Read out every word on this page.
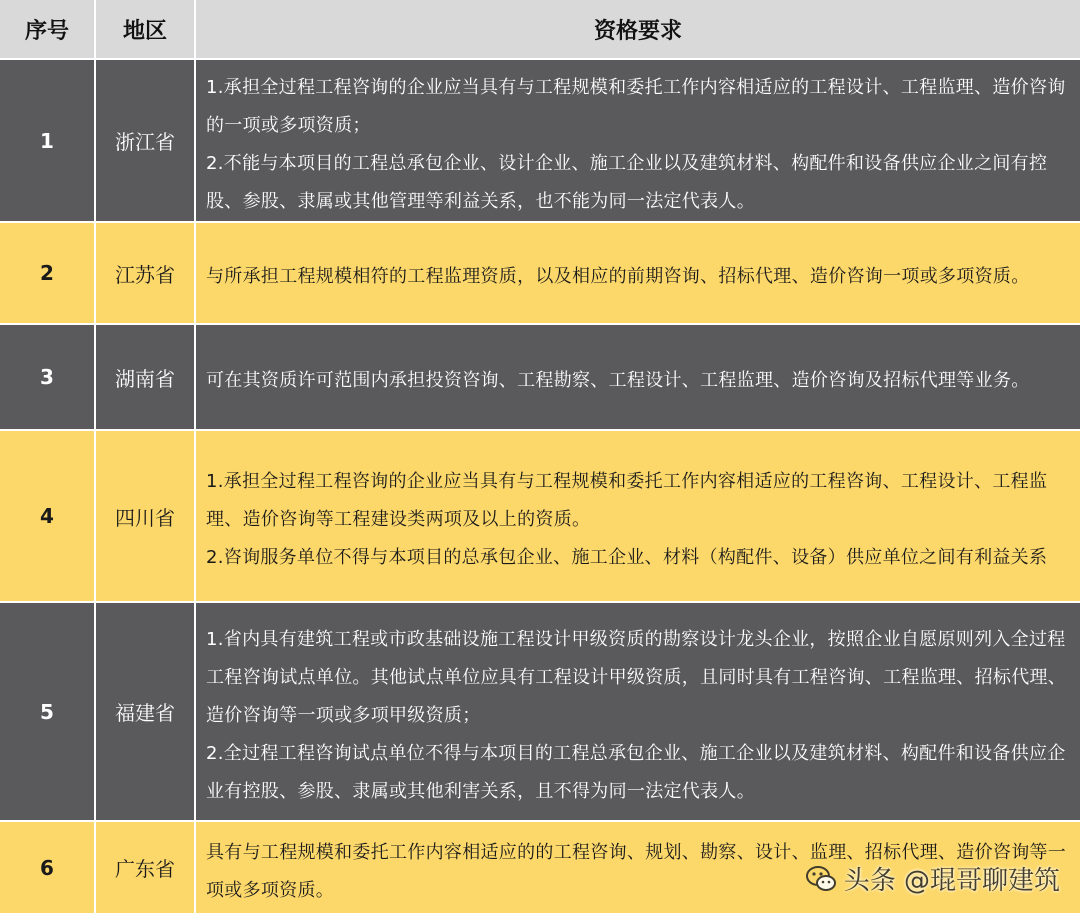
序号	地区	资格要求
1	浙江省

1.承担全过程工程咨询的企业应当具有与工程规模和委托工作内容相适应的工程设计、工程监理、造价咨询的一项或多项资质；

2.不能与本项目的工程总承包企业、设计企业、施工企业以及建筑材料、构配件和设备供应企业之间有控股、参股、隶属或其他管理等利益关系，也不能为同一法定代表人。

2	江苏省	与所承担工程规模相符的工程监理资质，以及相应的前期咨询、招标代理、造价咨询一项或多项资质。

3	湖南省	可在其资质许可范围内承担投资咨询、工程勘察、工程设计、工程监理、造价咨询及招标代理等业务。

4	四川省

1.承担全过程工程咨询的企业应当具有与工程规模和委托工作内容相适应的工程咨询、工程设计、工程监理、造价咨询等工程建设类两项及以上的资质。

2.咨询服务单位不得与本项目的总承包企业、施工企业、材料（构配件、设备）供应单位之间有利益关系

5	福建省

1.省内具有建筑工程或市政基础设施工程设计甲级资质的勘察设计龙头企业，按照企业自愿原则列入全过程工程咨询试点单位。其他试点单位应具有工程设计甲级资质，且同时具有工程咨询、工程监理、招标代理、造价咨询等一项或多项甲级资质；

2.全过程工程咨询试点单位不得与本项目的工程总承包企业、施工企业以及建筑材料、构配件和设备供应企业有控股、参股、隶属或其他利害关系，且不得为同一法定代表人。

6	广东省

具有与工程规模和委托工作内容相适应的的工程咨询、规划、勘察、设计、监理、招标代理、造价咨询等一项或多项资质。	头条 @琨哥聊建筑
